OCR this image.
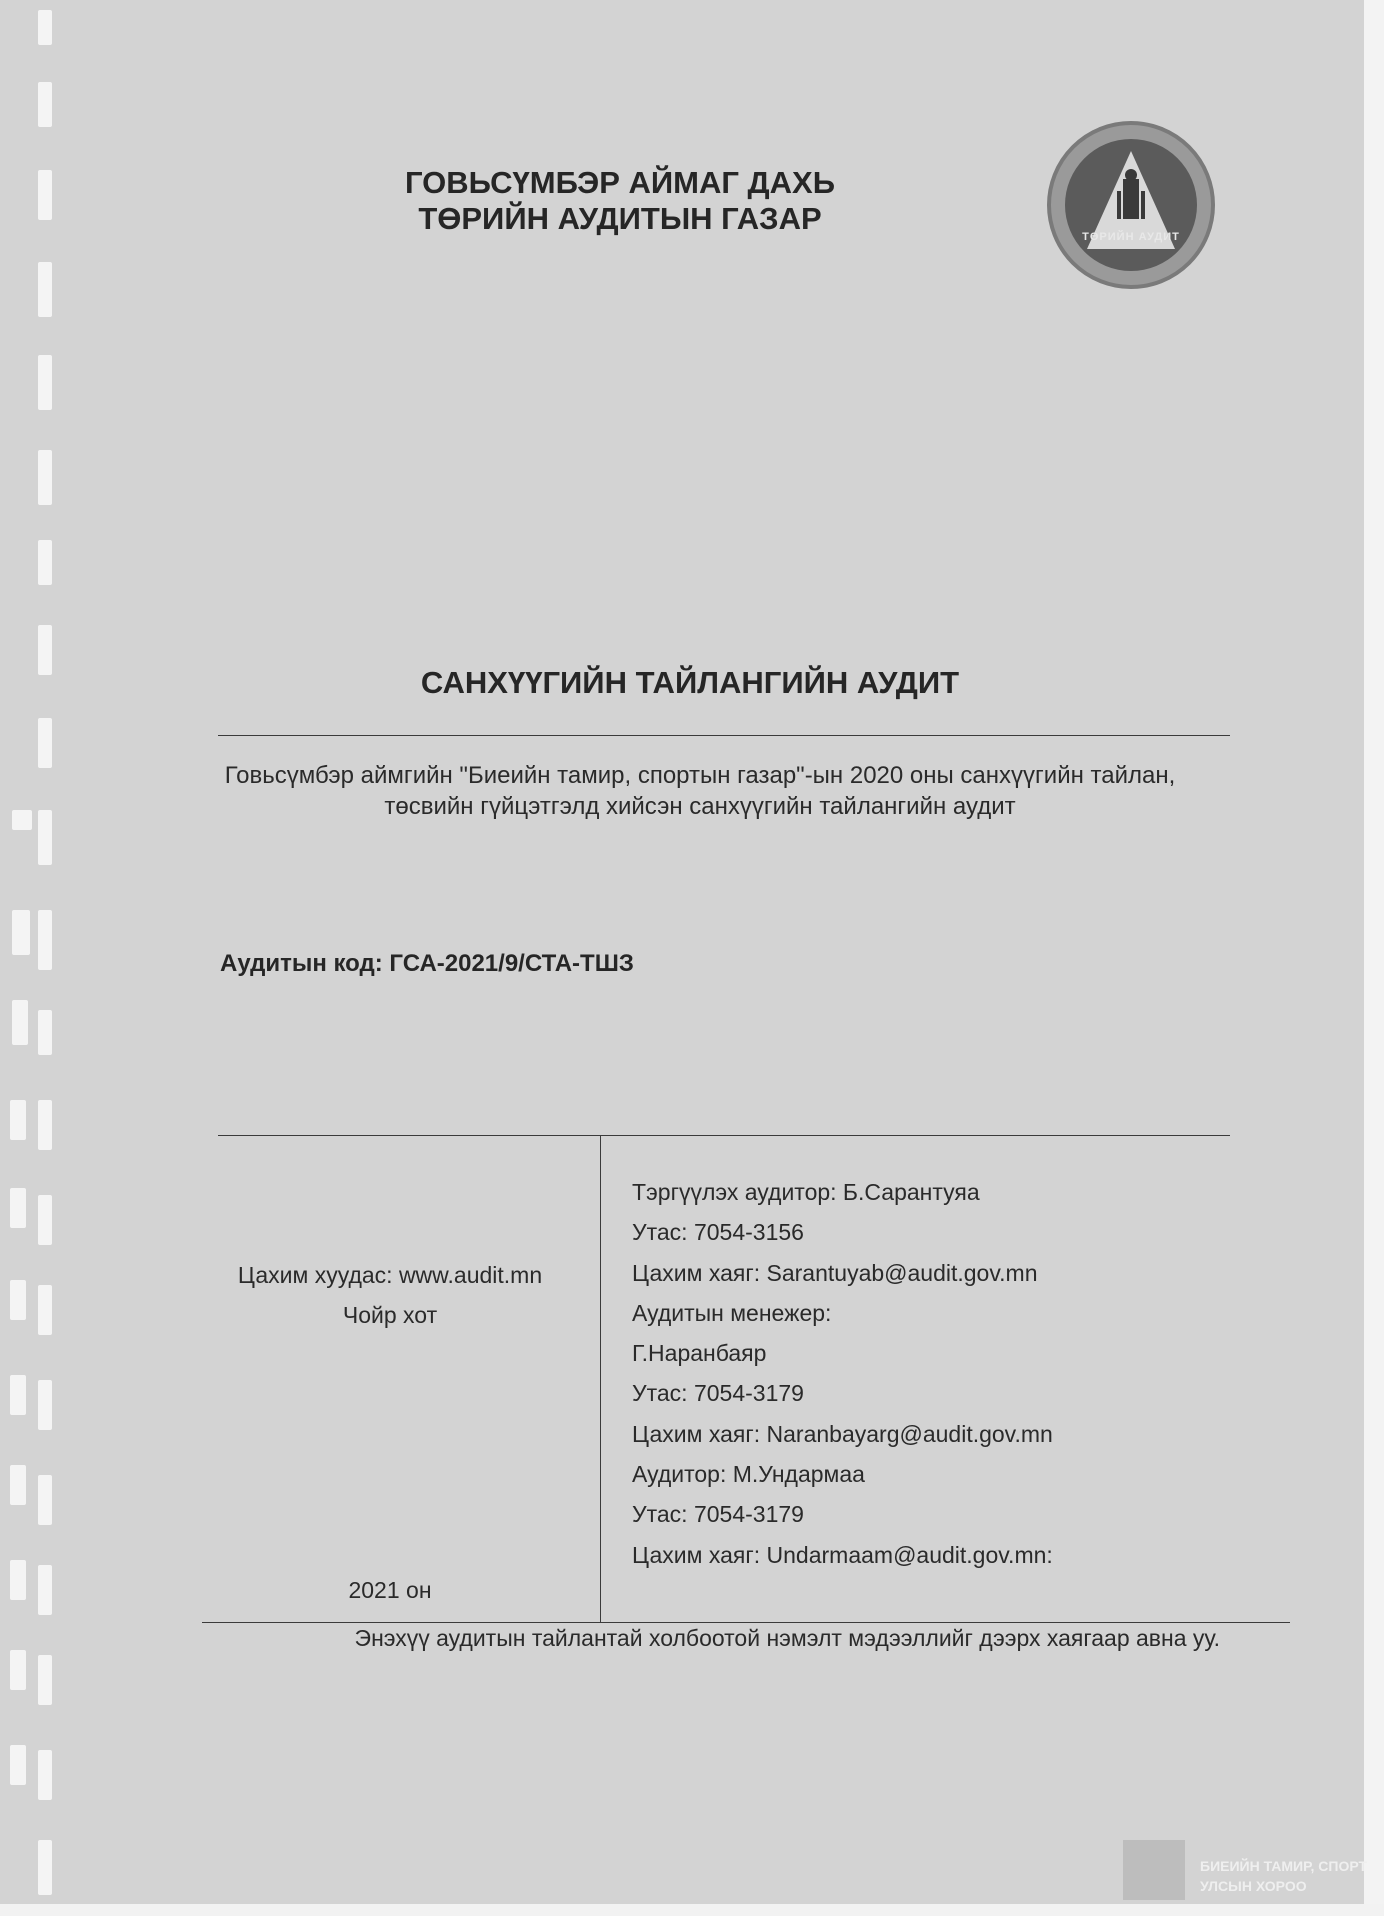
ГОВЬСҮМБЭР АЙМАГ ДАХЬ
ТӨРИЙН АУДИТЫН ГАЗАР
ТӨРИЙН АУДИТ
САНХҮҮГИЙН ТАЙЛАНГИЙН АУДИТ
Говьсүмбэр аймгийн "Биеийн тамир, спортын газар"-ын 2020 оны санхүүгийн тайлан,
төсвийн гүйцэтгэлд хийсэн санхүүгийн тайлангийн аудит
Аудитын код: ГСА-2021/9/СТА-ТШЗ
Цахим хуудас: www.audit.mn
Чойр хот
2021 он
Тэргүүлэх аудитор: Б.Сарантуяа
Утас: 7054-3156
Цахим хаяг: Sarantuyab@audit.gov.mn
Аудитын менежер:
Г.Наранбаяр
Утас: 7054-3179
Цахим хаяг: Naranbayarg@audit.gov.mn
Аудитор: М.Ундармаа
Утас: 7054-3179
Цахим хаяг: Undarmaam@audit.gov.mn:
Энэхүү аудитын тайлантай холбоотой нэмэлт мэдээллийг дээрх хаягаар авна уу.
БИЕИЙН ТАМИР, СПОРТ
УЛСЫН ХОРОО
